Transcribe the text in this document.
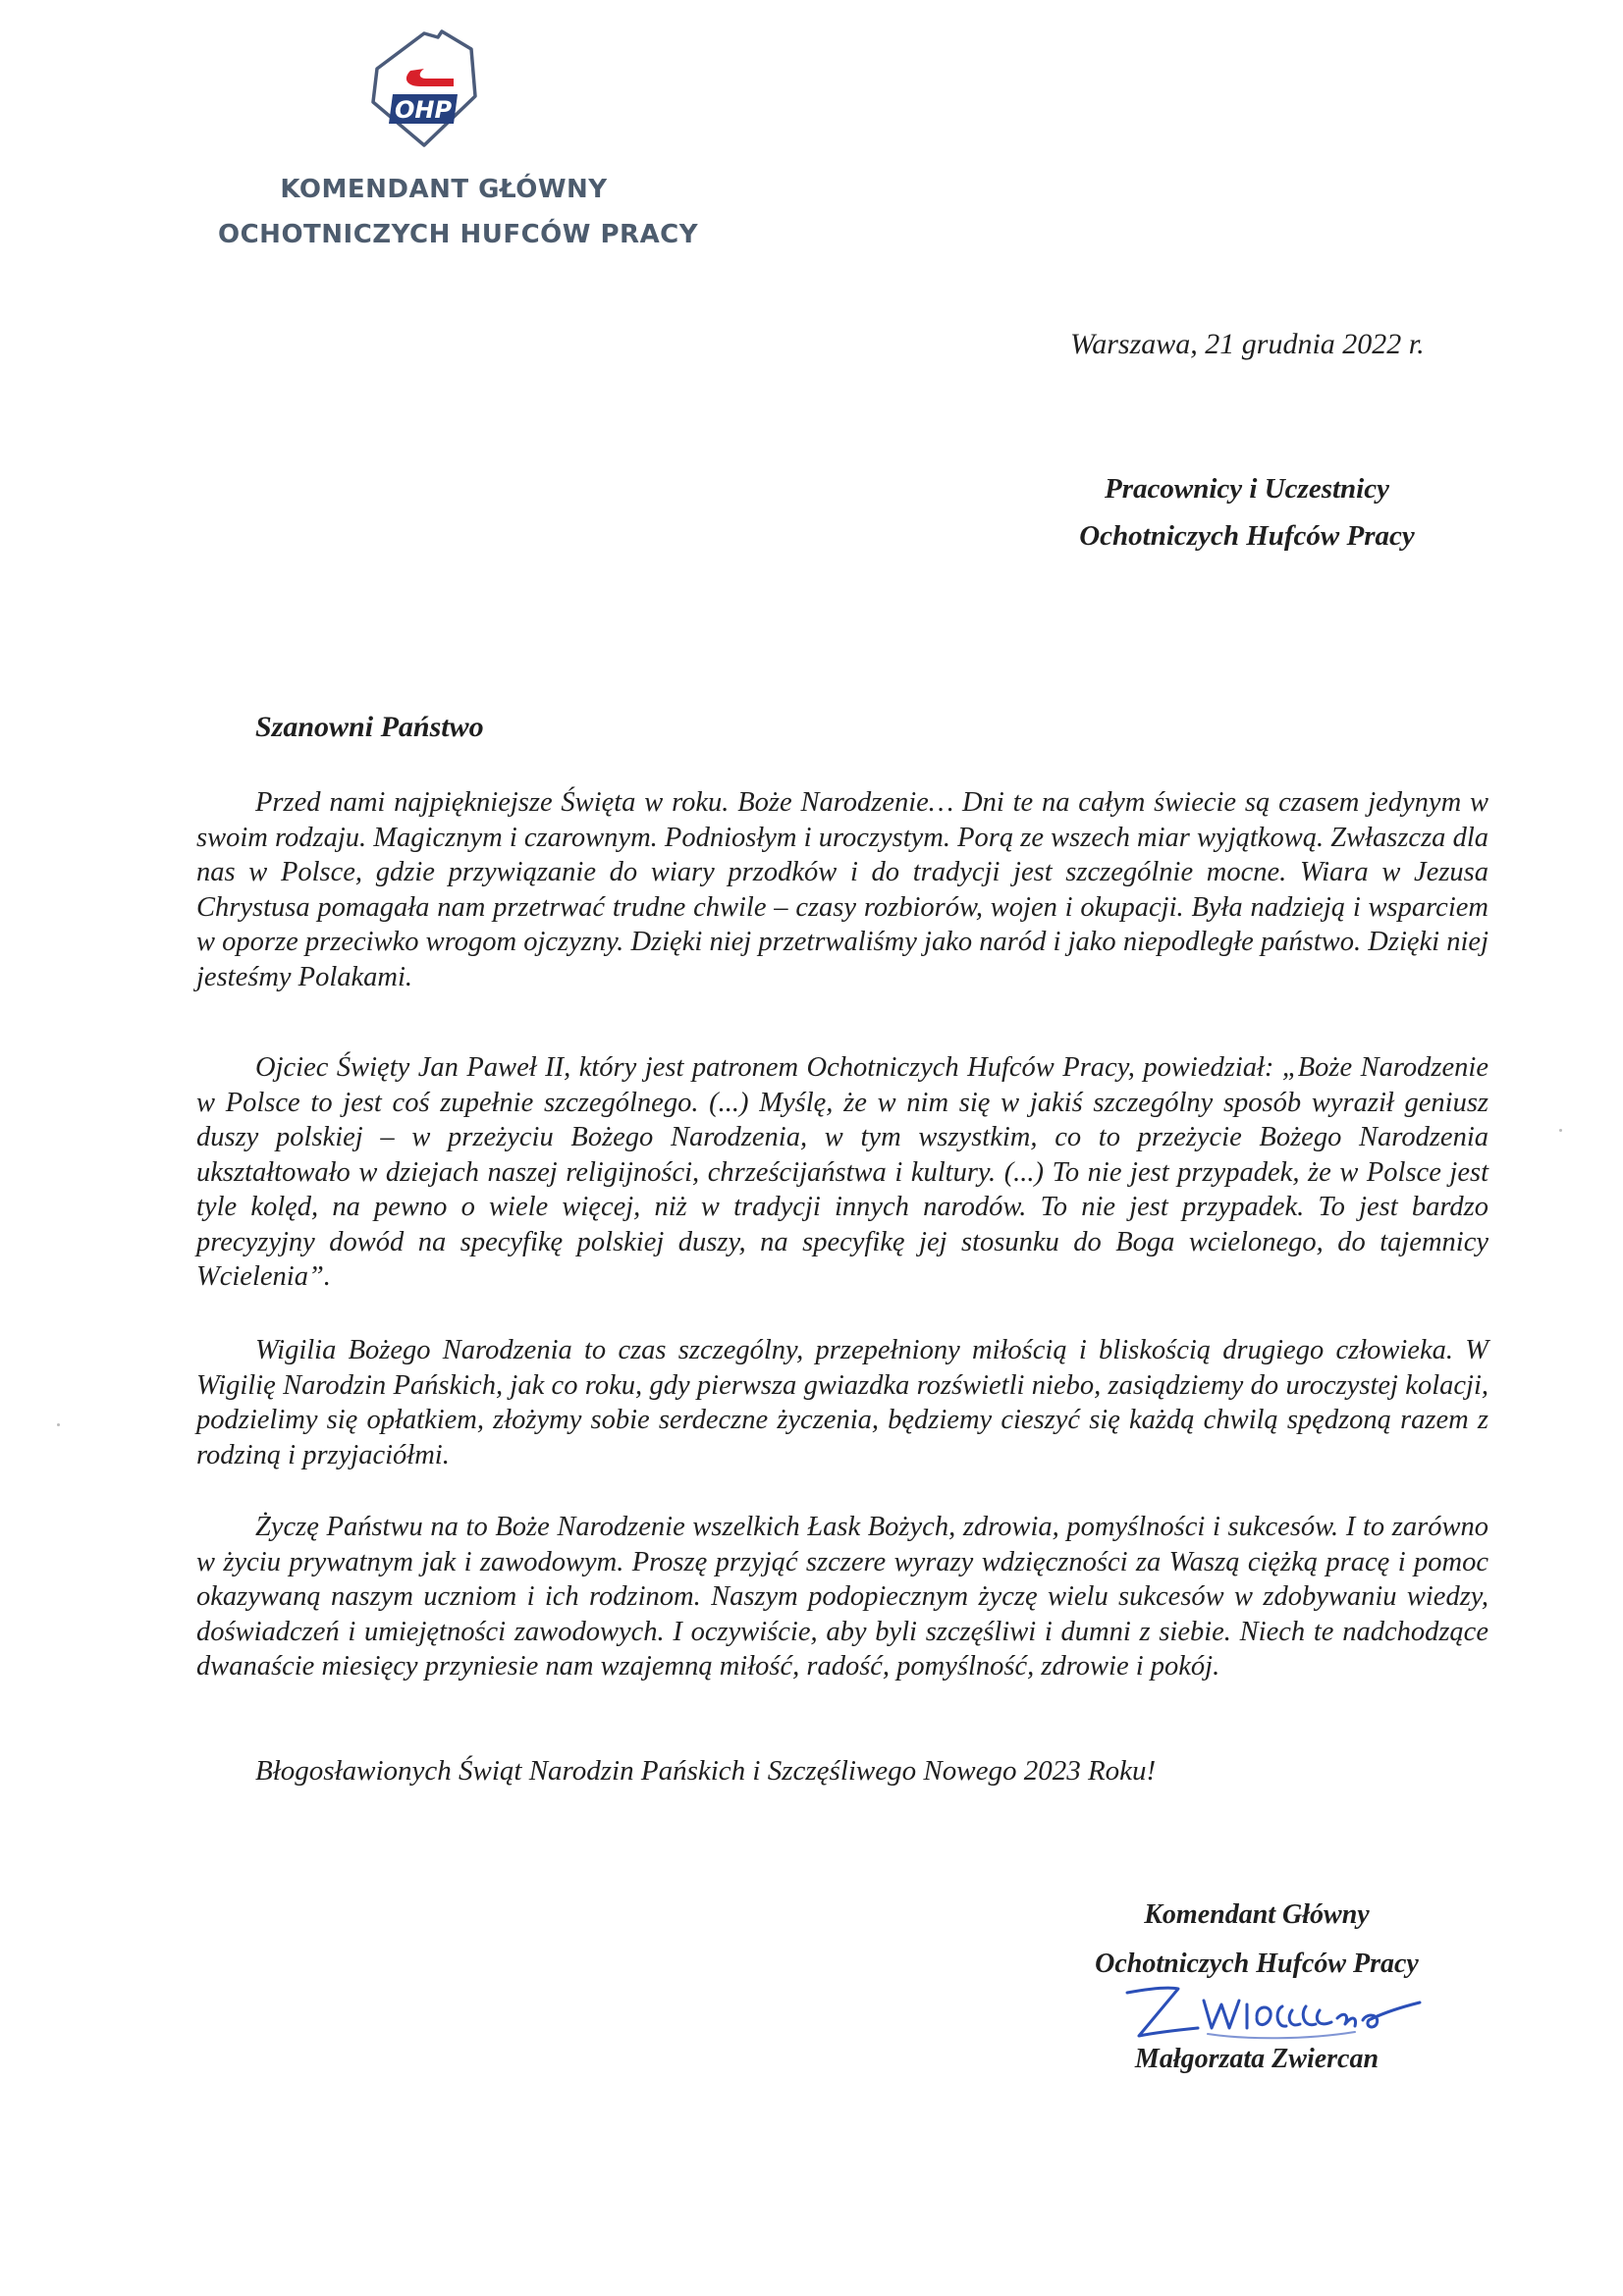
OHP
KOMENDANT GŁÓWNY
OCHOTNICZYCH HUFCÓW PRACY
Warszawa, 21 grudnia 2022 r.
Pracownicy i Uczestnicy
Ochotniczych Hufców Pracy
Szanowni Państwo

Przed nami najpiękniejsze Święta w roku. Boże Narodzenie… Dni te na całym świecie są czasem jedynym w swoim rodzaju. Magicznym i czarownym. Podniosłym i uroczystym. Porą ze wszech miar wyjątkową. Zwłaszcza dla nas w Polsce, gdzie przywiązanie do wiary przodków i do tradycji jest szczególnie mocne. Wiara w Jezusa Chrystusa pomagała nam przetrwać trudne chwile – czasy rozbiorów, wojen i okupacji. Była nadzieją i wsparciem w oporze przeciwko wrogom ojczyzny. Dzięki niej przetrwaliśmy jako naród i jako niepodległe państwo. Dzięki niej jesteśmy Polakami.

Ojciec Święty Jan Paweł II, który jest patronem Ochotniczych Hufców Pracy, powiedział: „Boże Narodzenie w Polsce to jest coś zupełnie szczególnego. (...) Myślę, że w nim się w jakiś szczególny sposób wyraził geniusz duszy polskiej – w przeżyciu Bożego Narodzenia, w tym wszystkim, co to przeżycie Bożego Narodzenia ukształtowało w dziejach naszej religijności, chrześcijaństwa i kultury. (...) To nie jest przypadek, że w Polsce jest tyle kolęd, na pewno o wiele więcej, niż w tradycji innych narodów. To nie jest przypadek. To jest bardzo precyzyjny dowód na specyfikę polskiej duszy, na specyfikę jej stosunku do Boga wcielonego, do tajemnicy Wcielenia”.

Wigilia Bożego Narodzenia to czas szczególny, przepełniony miłością i bliskością drugiego człowieka. W Wigilię Narodzin Pańskich, jak co roku, gdy pierwsza gwiazdka rozświetli niebo, zasiądziemy do uroczystej kolacji, podzielimy się opłatkiem, złożymy sobie serdeczne życzenia, będziemy cieszyć się każdą chwilą spędzoną razem z rodziną i przyjaciółmi.

Życzę Państwu na to Boże Narodzenie wszelkich Łask Bożych, zdrowia, pomyślności i sukcesów. I to zarówno w życiu prywatnym jak i zawodowym. Proszę przyjąć szczere wyrazy wdzięczności za Waszą ciężką pracę i pomoc okazywaną naszym uczniom i ich rodzinom. Naszym podopiecznym życzę wielu sukcesów w zdobywaniu wiedzy, doświadczeń i umiejętności zawodowych. I oczywiście, aby byli szczęśliwi i dumni z siebie. Niech te nadchodzące dwanaście miesięcy przyniesie nam wzajemną miłość, radość, pomyślność, zdrowie i pokój.

Błogosławionych Świąt Narodzin Pańskich i Szczęśliwego Nowego 2023 Roku!
Komendant Główny
Ochotniczych Hufców Pracy
Małgorzata Zwiercan
